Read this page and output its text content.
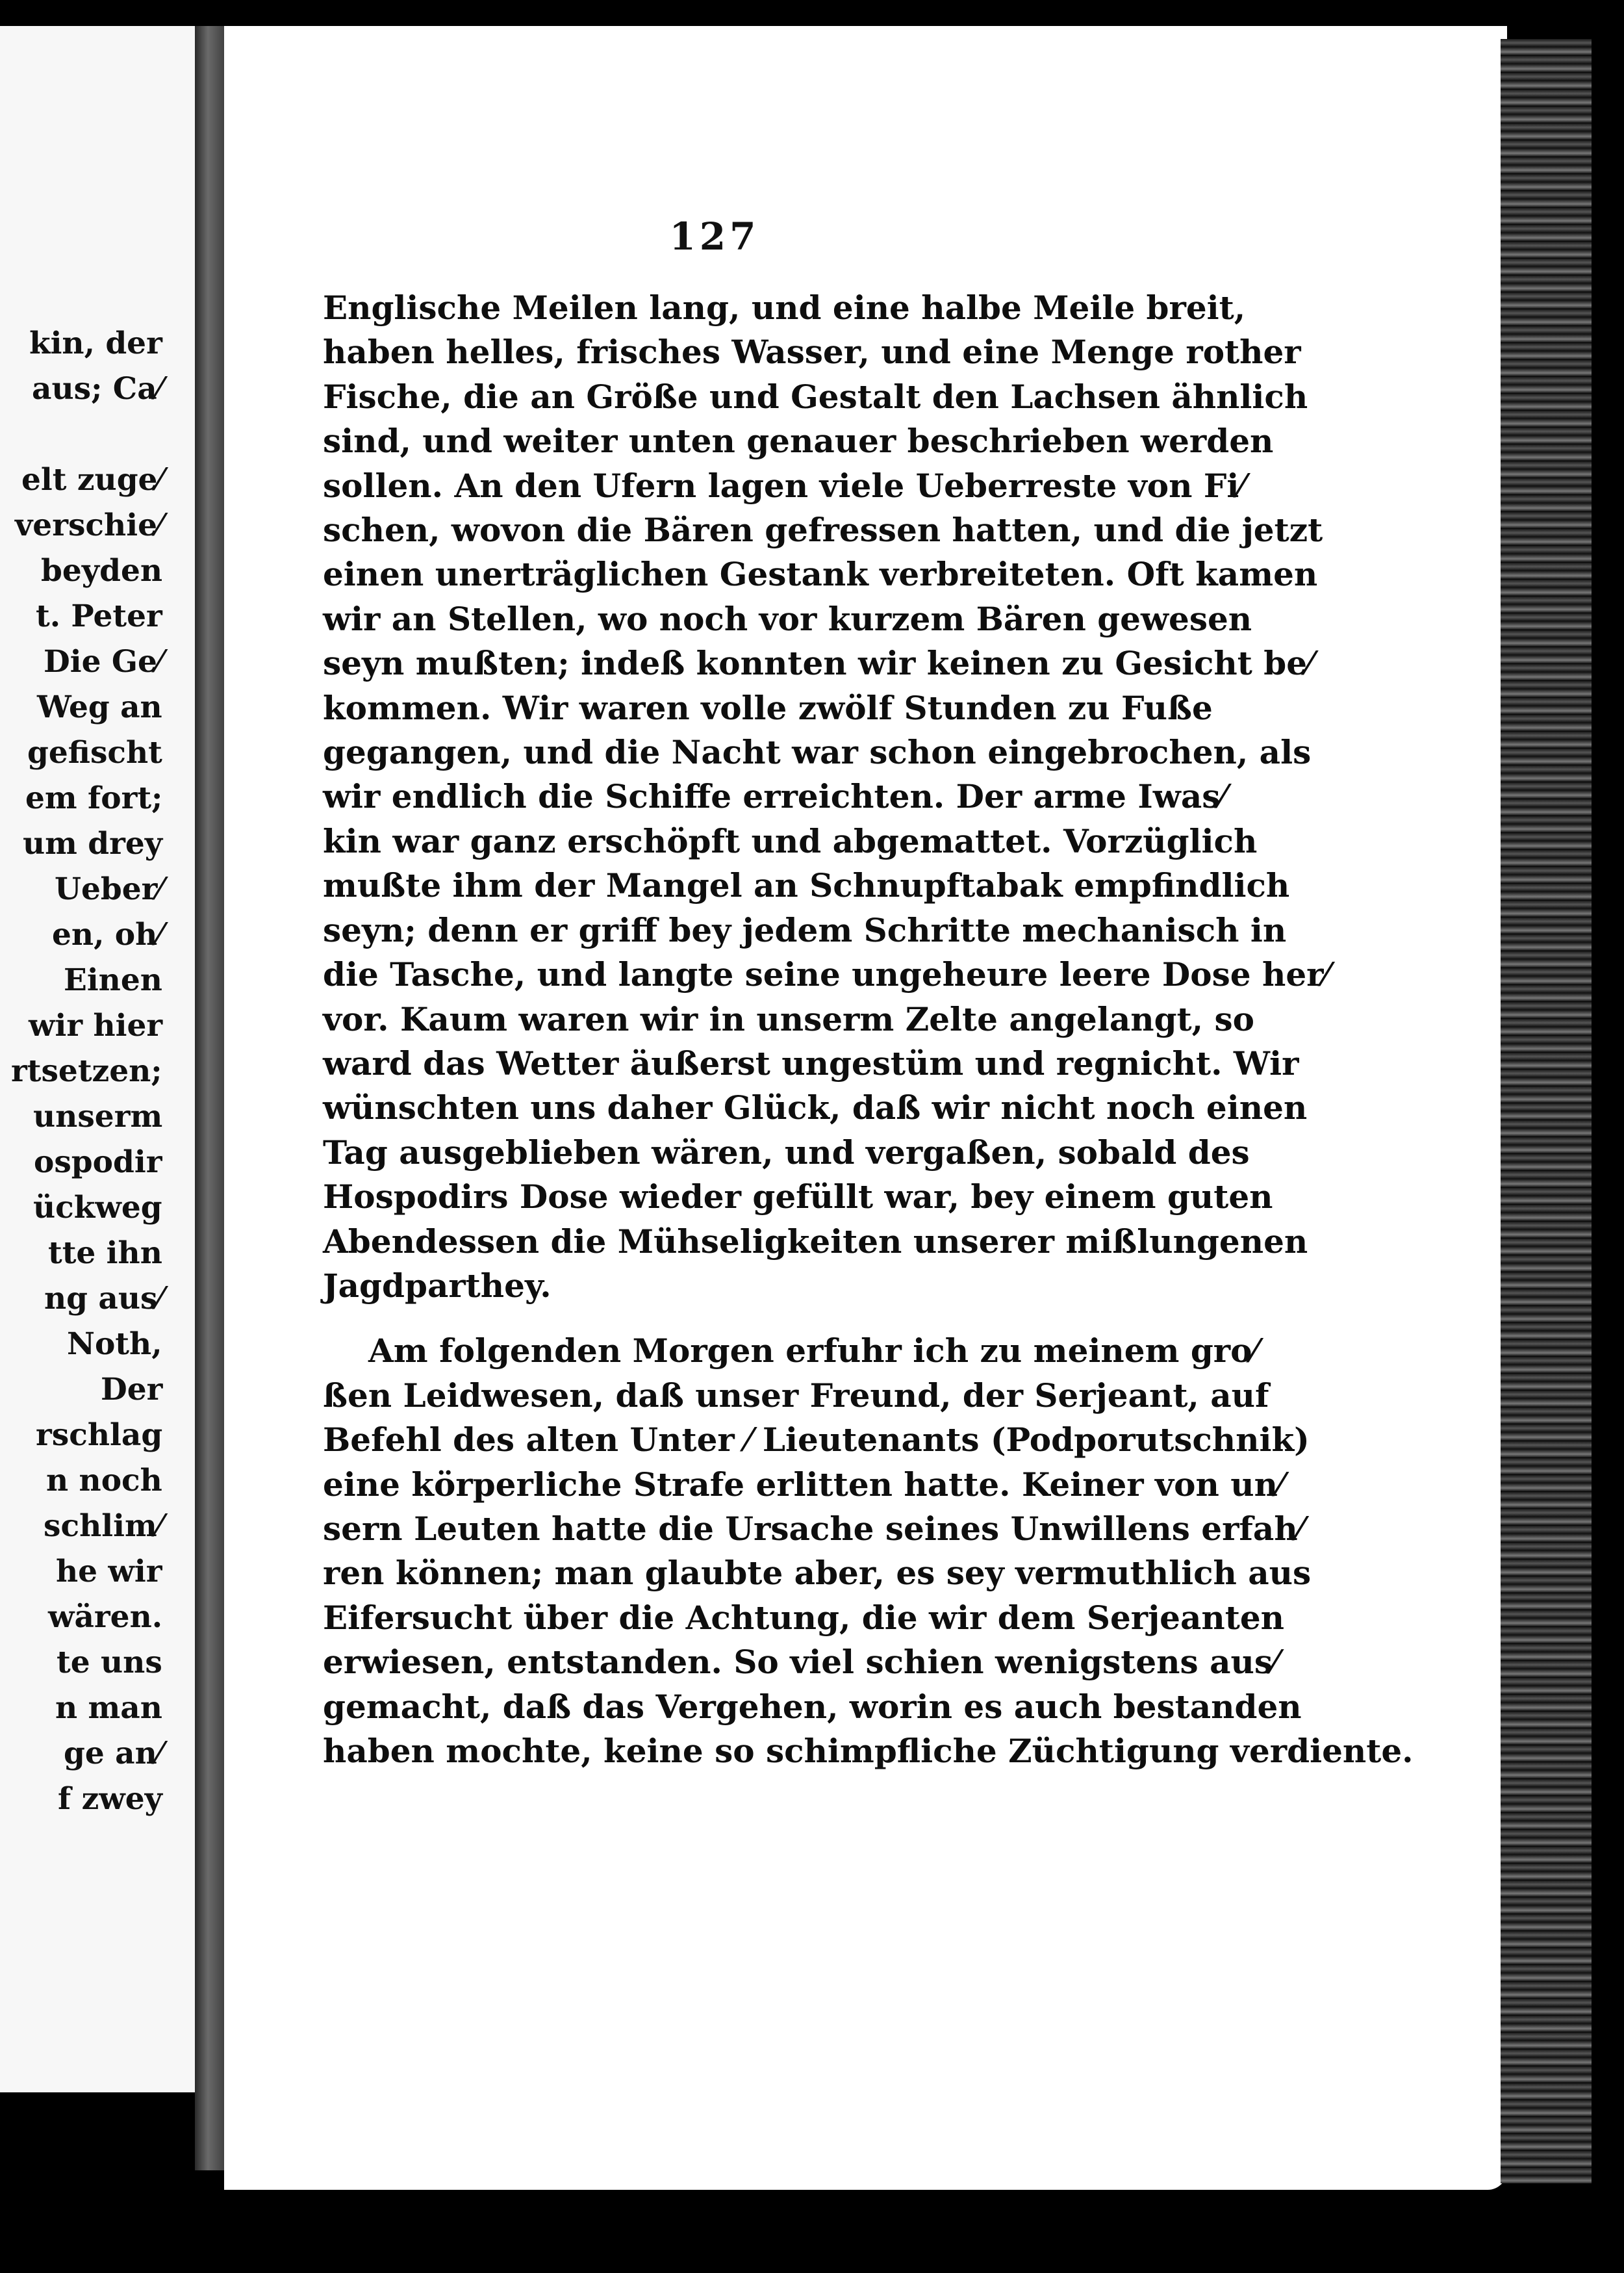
kin, der
aus; Ca⁄
elt zuge⁄
verschie⁄
beyden
t. Peter
Die Ge⁄
Weg an
gefischt
em fort;
um drey
Ueber⁄
en, oh⁄
Einen
wir hier
rtsetzen;
unserm
ospodir
ückweg
tte ihn
ng aus⁄
Noth,
Der
rschlag
n noch
schlim⁄
he wir
wären.
te uns
n man
ge an⁄
f zwey
127
Englische Meilen lang, und eine halbe Meile breit,
haben helles, frisches Wasser, und eine Menge rother
Fische, die an Größe und Gestalt den Lachsen ähnlich
sind, und weiter unten genauer beschrieben werden
sollen. An den Ufern lagen viele Ueberreste von Fi⁄
schen, wovon die Bären gefressen hatten, und die jetzt
einen unerträglichen Gestank verbreiteten. Oft kamen
wir an Stellen, wo noch vor kurzem Bären gewesen
seyn mußten; indeß konnten wir keinen zu Gesicht be⁄
kommen. Wir waren volle zwölf Stunden zu Fuße
gegangen, und die Nacht war schon eingebrochen, als
wir endlich die Schiffe erreichten. Der arme Iwas⁄
kin war ganz erschöpft und abgemattet. Vorzüglich
mußte ihm der Mangel an Schnupftabak empfindlich
seyn; denn er griff bey jedem Schritte mechanisch in
die Tasche, und langte seine ungeheure leere Dose her⁄
vor. Kaum waren wir in unserm Zelte angelangt, so
ward das Wetter äußerst ungestüm und regnicht. Wir
wünschten uns daher Glück, daß wir nicht noch einen
Tag ausgeblieben wären, und vergaßen, sobald des
Hospodirs Dose wieder gefüllt war, bey einem guten
Abendessen die Mühseligkeiten unserer mißlungenen
Jagdparthey.
Am folgenden Morgen erfuhr ich zu meinem gro⁄
ßen Leidwesen, daß unser Freund, der Serjeant, auf
Befehl des alten Unter ⁄ Lieutenants (Podporutschnik)
eine körperliche Strafe erlitten hatte. Keiner von un⁄
sern Leuten hatte die Ursache seines Unwillens erfah⁄
ren können; man glaubte aber, es sey vermuthlich aus
Eifersucht über die Achtung, die wir dem Serjeanten
erwiesen, entstanden. So viel schien wenigstens aus⁄
gemacht, daß das Vergehen, worin es auch bestanden
haben mochte, keine so schimpfliche Züchtigung verdiente.
